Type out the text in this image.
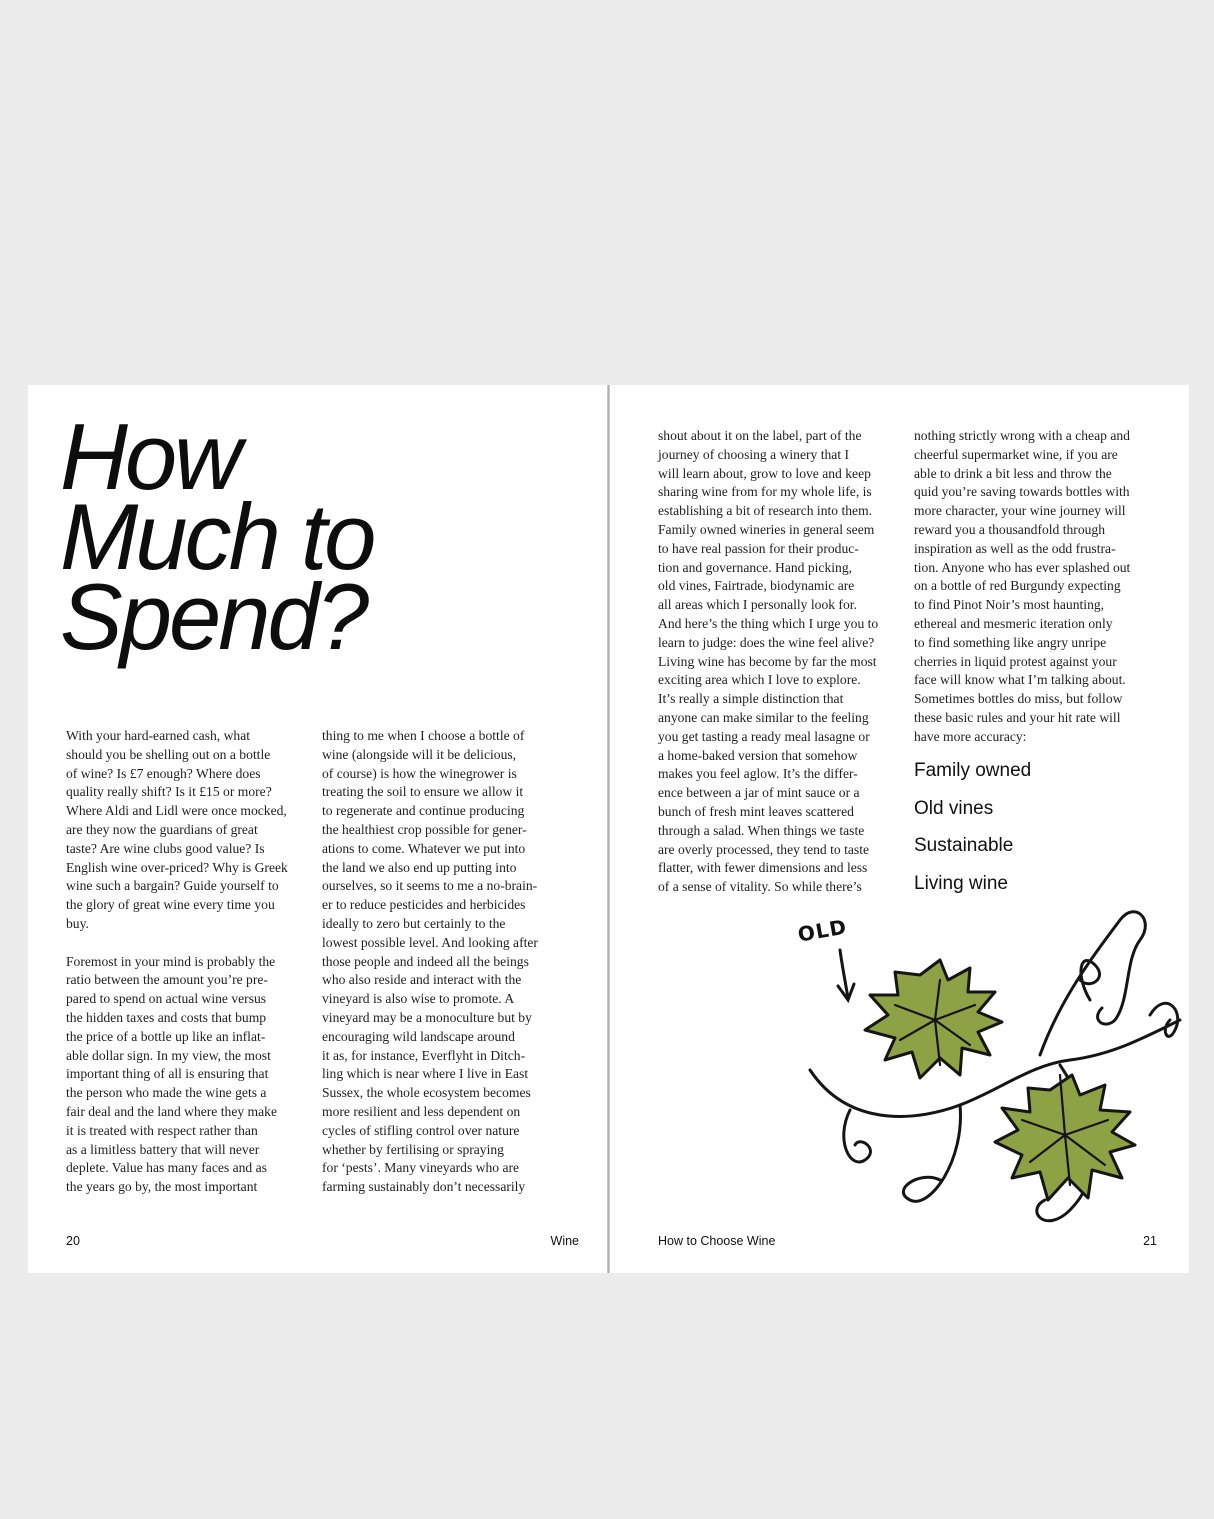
How
Much to
Spend?

With your hard-earned cash, what
should you be shelling out on a bottle
of wine? Is £7 enough? Where does
quality really shift? Is it £15 or more?
Where Aldi and Lidl were once mocked,
are they now the guardians of great
taste? Are wine clubs good value? Is
English wine over-priced? Why is Greek
wine such a bargain? Guide yourself to
the glory of great wine every time you
buy.

Foremost in your mind is probably the
ratio between the amount you’re pre-
pared to spend on actual wine versus
the hidden taxes and costs that bump
the price of a bottle up like an inflat-
able dollar sign. In my view, the most
important thing of all is ensuring that
the person who made the wine gets a
fair deal and the land where they make
it is treated with respect rather than
as a limitless battery that will never
deplete. Value has many faces and as
the years go by, the most important

thing to me when I choose a bottle of
wine (alongside will it be delicious,
of course) is how the winegrower is
treating the soil to ensure we allow it
to regenerate and continue producing
the healthiest crop possible for gener-
ations to come. Whatever we put into
the land we also end up putting into
ourselves, so it seems to me a no-brain-
er to reduce pesticides and herbicides
ideally to zero but certainly to the
lowest possible level. And looking after
those people and indeed all the beings
who also reside and interact with the
vineyard is also wise to promote. A
vineyard may be a monoculture but by
encouraging wild landscape around
it as, for instance, Everflyht in Ditch-
ling which is near where I live in East
Sussex, the whole ecosystem becomes
more resilient and less dependent on
cycles of stifling control over nature
whether by fertilising or spraying
for ‘pests’. Many vineyards who are
farming sustainably don’t necessarily

20	Wine

shout about it on the label, part of the
journey of choosing a winery that I
will learn about, grow to love and keep
sharing wine from for my whole life, is
establishing a bit of research into them.
Family owned wineries in general seem
to have real passion for their produc-
tion and governance. Hand picking,
old vines, Fairtrade, biodynamic are
all areas which I personally look for.
And here’s the thing which I urge you to
learn to judge: does the wine feel alive?
Living wine has become by far the most
exciting area which I love to explore.
It’s really a simple distinction that
anyone can make similar to the feeling
you get tasting a ready meal lasagne or
a home-baked version that somehow
makes you feel aglow. It’s the differ-
ence between a jar of mint sauce or a
bunch of fresh mint leaves scattered
through a salad. When things we taste
are overly processed, they tend to taste
flatter, with fewer dimensions and less
of a sense of vitality. So while there’s

nothing strictly wrong with a cheap and
cheerful supermarket wine, if you are
able to drink a bit less and throw the
quid you’re saving towards bottles with
more character, your wine journey will
reward you a thousandfold through
inspiration as well as the odd frustra-
tion. Anyone who has ever splashed out
on a bottle of red Burgundy expecting
to find Pinot Noir’s most haunting,
ethereal and mesmeric iteration only
to find something like angry unripe
cherries in liquid protest against your
face will know what I’m talking about.
Sometimes bottles do miss, but follow
these basic rules and your hit rate will
have more accuracy:

Family owned
Old vines
Sustainable
Living wine
OLD
How to Choose Wine	21
